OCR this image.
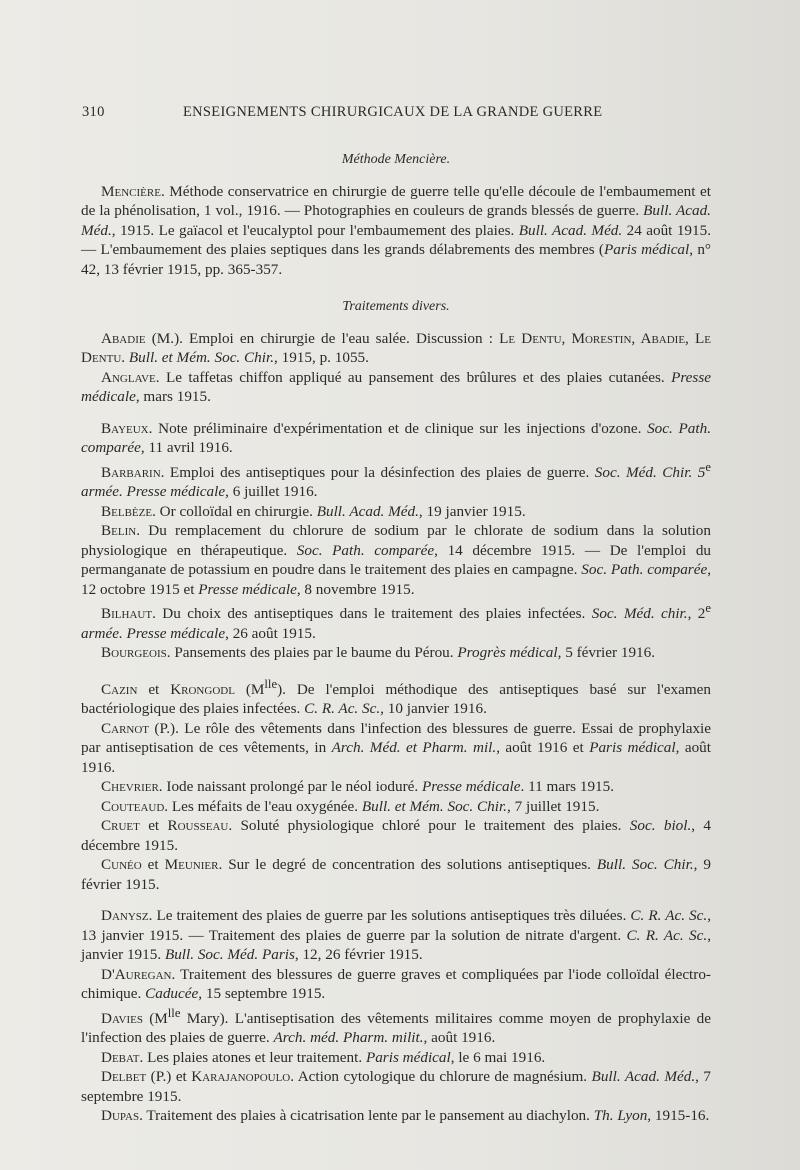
310	ENSEIGNEMENTS CHIRURGICAUX DE LA GRANDE GUERRE
Méthode Mencière.

Mencière. Méthode conservatrice en chirurgie de guerre telle qu'elle découle de l'embaumement et de la phénolisation, 1 vol., 1916. — Photographies en couleurs de grands blessés de guerre. Bull. Acad. Méd., 1915. Le gaïacol et l'eucalyptol pour l'embaumement des plaies. Bull. Acad. Méd. 24 août 1915. — L'embaumement des plaies septiques dans les grands délabrements des membres (Paris médical, n° 42, 13 février 1915, pp. 365-357.

Traitements divers.

Abadie (M.). Emploi en chirurgie de l'eau salée. Discussion : Le Dentu, Morestin, Abadie, Le Dentu. Bull. et Mém. Soc. Chir., 1915, p. 1055.

Anglave. Le taffetas chiffon appliqué au pansement des brûlures et des plaies cutanées. Presse médicale, mars 1915.

Bayeux. Note préliminaire d'expérimentation et de clinique sur les injections d'ozone. Soc. Path. comparée, 11 avril 1916.

Barbarin. Emploi des antiseptiques pour la désinfection des plaies de guerre. Soc. Méd. Chir. 5e armée. Presse médicale, 6 juillet 1916.

Belbèze. Or colloïdal en chirurgie. Bull. Acad. Méd., 19 janvier 1915.

Belin. Du remplacement du chlorure de sodium par le chlorate de sodium dans la solution physiologique en thérapeutique. Soc. Path. comparée, 14 décembre 1915. — De l'emploi du permanganate de potassium en poudre dans le traitement des plaies en campagne. Soc. Path. comparée, 12 octobre 1915 et Presse médicale, 8 novembre 1915.

Bilhaut. Du choix des antiseptiques dans le traitement des plaies infectées. Soc. Méd. chir., 2e armée. Presse médicale, 26 août 1915.

Bourgeois. Pansements des plaies par le baume du Pérou. Progrès médical, 5 février 1916.

Cazin et Krongodl $(M^{lle})$. De l'emploi méthodique des antiseptiques basé sur l'examen bactériologique des plaies infectées. C. R. Ac. Sc., 10 janvier 1916.

Carnot (P.). Le rôle des vêtements dans l'infection des blessures de guerre. Essai de prophylaxie par antiseptisation de ces vêtements, in Arch. Méd. et Pharm. mil., août 1916 et Paris médical, août 1916.

Chevrier. Iode naissant prolongé par le néol ioduré. Presse médicale. 11 mars 1915.

Couteaud. Les méfaits de l'eau oxygénée. Bull. et Mém. Soc. Chir., 7 juillet 1915.

Cruet et Rousseau. Soluté physiologique chloré pour le traitement des plaies. Soc. biol., 4 décembre 1915.

Cunéo et Meunier. Sur le degré de concentration des solutions antiseptiques. Bull. Soc. Chir., 9 février 1915.

Danysz. Le traitement des plaies de guerre par les solutions antiseptiques très diluées. C. R. Ac. Sc., 13 janvier 1915. — Traitement des plaies de guerre par la solution de nitrate d'argent. C. R. Ac. Sc., janvier 1915. Bull. Soc. Méd. Paris, 12, 26 février 1915.

D'Auregan. Traitement des blessures de guerre graves et compliquées par l'iode colloïdal électro-chimique. Caducée, 15 septembre 1915.

Davies ($M^{lle}$ Mary). L'antiseptisation des vêtements militaires comme moyen de prophylaxie de l'infection des plaies de guerre. Arch. méd. Pharm. milit., août 1916.

Debat. Les plaies atones et leur traitement. Paris médical, le 6 mai 1916.

Delbet (P.) et Karajanopoulo. Action cytologique du chlorure de magnésium. Bull. Acad. Méd., 7 septembre 1915.

Dupas. Traitement des plaies à cicatrisation lente par le pansement au diachylon. Th. Lyon, 1915-16.
